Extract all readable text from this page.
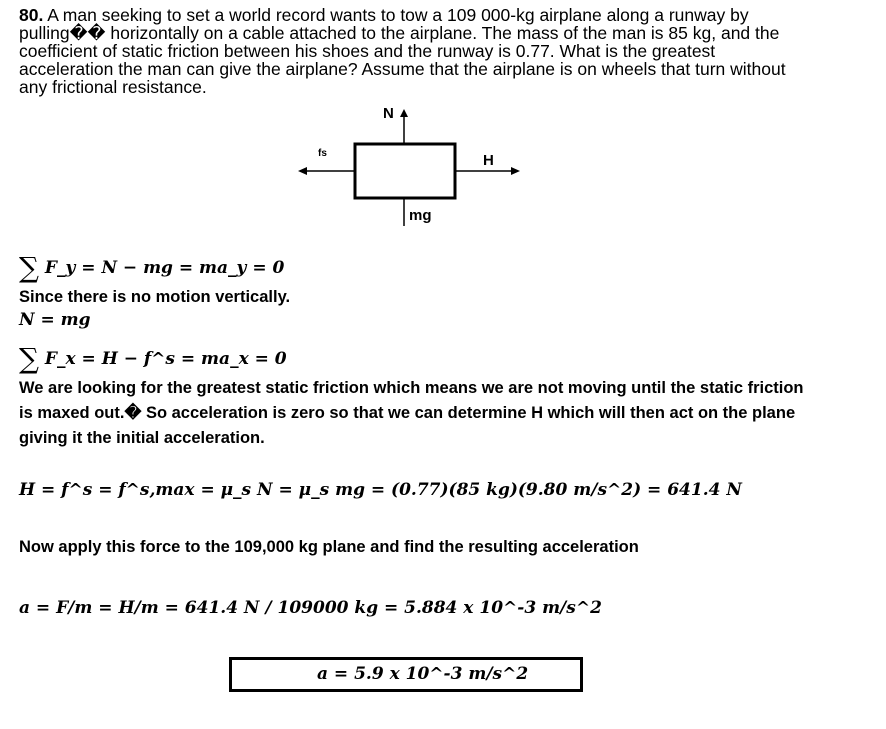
80. A man seeking to set a world record wants to tow a 109 000-kg airplane along a runway by pulling�� horizontally on a cable attached to the airplane. The mass of the man is 85 kg, and the coefficient of static friction between his shoes and the runway is 0.77. What is the greatest acceleration the man can give the airplane? Assume that the airplane is on wheels that turn without any frictional resistance.
N
fs	H
mg
∑ F_y = N − mg = ma_y = 0
Since there is no motion vertically.
N = mg
∑ F_x = H − f^s = ma_x = 0
We are looking for the greatest static friction which means we are not moving until the static friction is maxed out.� So acceleration is zero so that we can determine H which will then act on the plane giving it the initial acceleration.
H = f^s = f^s,max = μ_s N = μ_s mg = (0.77)(85 kg)(9.80 m/s^2) = 641.4 N
Now apply this force to the 109,000 kg plane and find the resulting acceleration
a = F/m = H/m = 641.4 N / 109000 kg = 5.884 x 10^-3 m/s^2
a = 5.9 x 10^-3 m/s^2
